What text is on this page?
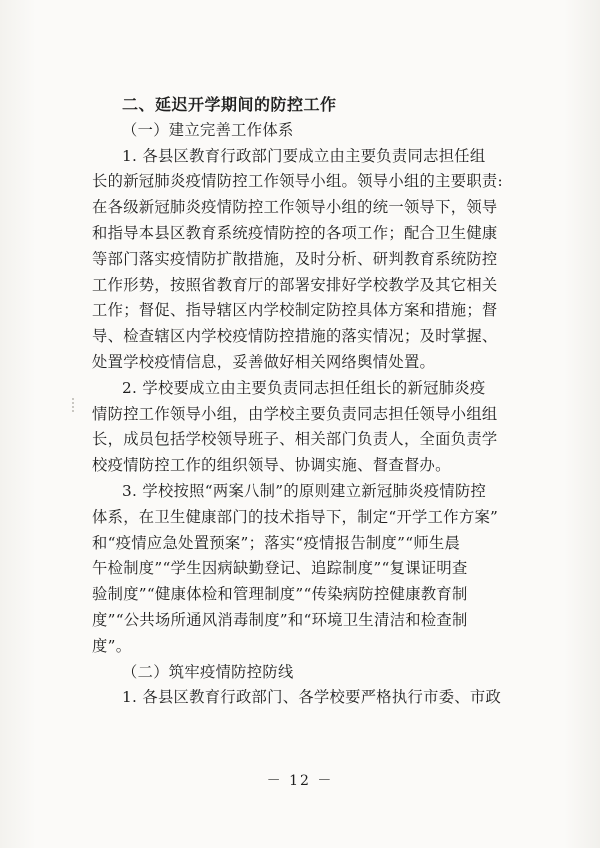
二、延迟开学期间的防控工作
（一）建立完善工作体系
1. 各县区教育行政部门要成立由主要负责同志担任组
长的新冠肺炎疫情防控工作领导小组。领导小组的主要职责:
在各级新冠肺炎疫情防控工作领导小组的统一领导下，领导
和指导本县区教育系统疫情防控的各项工作；配合卫生健康
等部门落实疫情防扩散措施，及时分析、研判教育系统防控
工作形势，按照省教育厅的部署安排好学校教学及其它相关
工作；督促、指导辖区内学校制定防控具体方案和措施；督
导、检查辖区内学校疫情防控措施的落实情况；及时掌握、
处置学校疫情信息，妥善做好相关网络舆情处置。
2. 学校要成立由主要负责同志担任组长的新冠肺炎疫
情防控工作领导小组，由学校主要负责同志担任领导小组组
长，成员包括学校领导班子、相关部门负责人，全面负责学
校疫情防控工作的组织领导、协调实施、督查督办。
3. 学校按照“两案八制”的原则建立新冠肺炎疫情防控
体系，在卫生健康部门的技术指导下，制定“开学工作方案”
和“疫情应急处置预案”；落实“疫情报告制度”“师生晨
午检制度”“学生因病缺勤登记、追踪制度”“复课证明查
验制度”“健康体检和管理制度”“传染病防控健康教育制
度”“公共场所通风消毒制度”和“环境卫生清洁和检查制
度”。
（二）筑牢疫情防控防线
1. 各县区教育行政部门、各学校要严格执行市委、市政
－ 12 －
